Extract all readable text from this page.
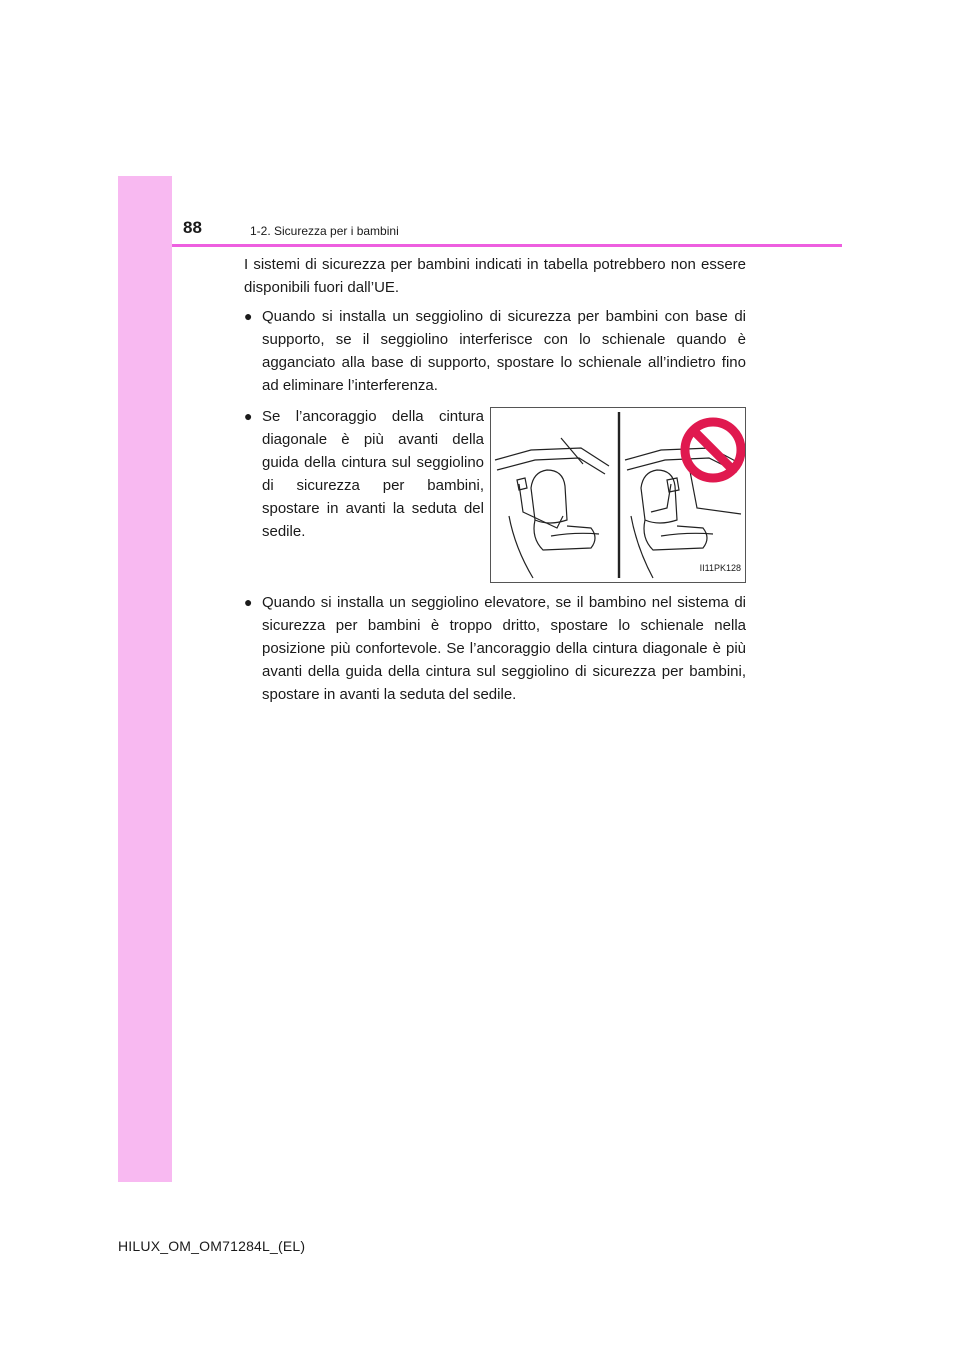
88	1-2. Sicurezza per i bambini

I sistemi di sicurezza per bambini indicati in tabella potrebbero non essere disponibili fuori dall’UE.

● Quando si installa un seggiolino di sicurezza per bambini con base di supporto, se il seggiolino interferisce con lo schienale quando è agganciato alla base di supporto, spostare lo schienale all’indietro fino ad eliminare l’interferenza.
● Se l’ancoraggio della cintura diagonale è più avanti della guida della cintura sul seggiolino di sicurezza per bambini, spostare in avanti la seduta del sedile.
II11PK128
● Quando si installa un seggiolino elevatore, se il bambino nel sistema di sicurezza per bambini è troppo dritto, spostare lo schienale nella posizione più confortevole. Se l’ancoraggio della cintura diagonale è più avanti della guida della cintura sul seggiolino di sicurezza per bambini, spostare in avanti la seduta del sedile.
HILUX_OM_OM71284L_(EL)
